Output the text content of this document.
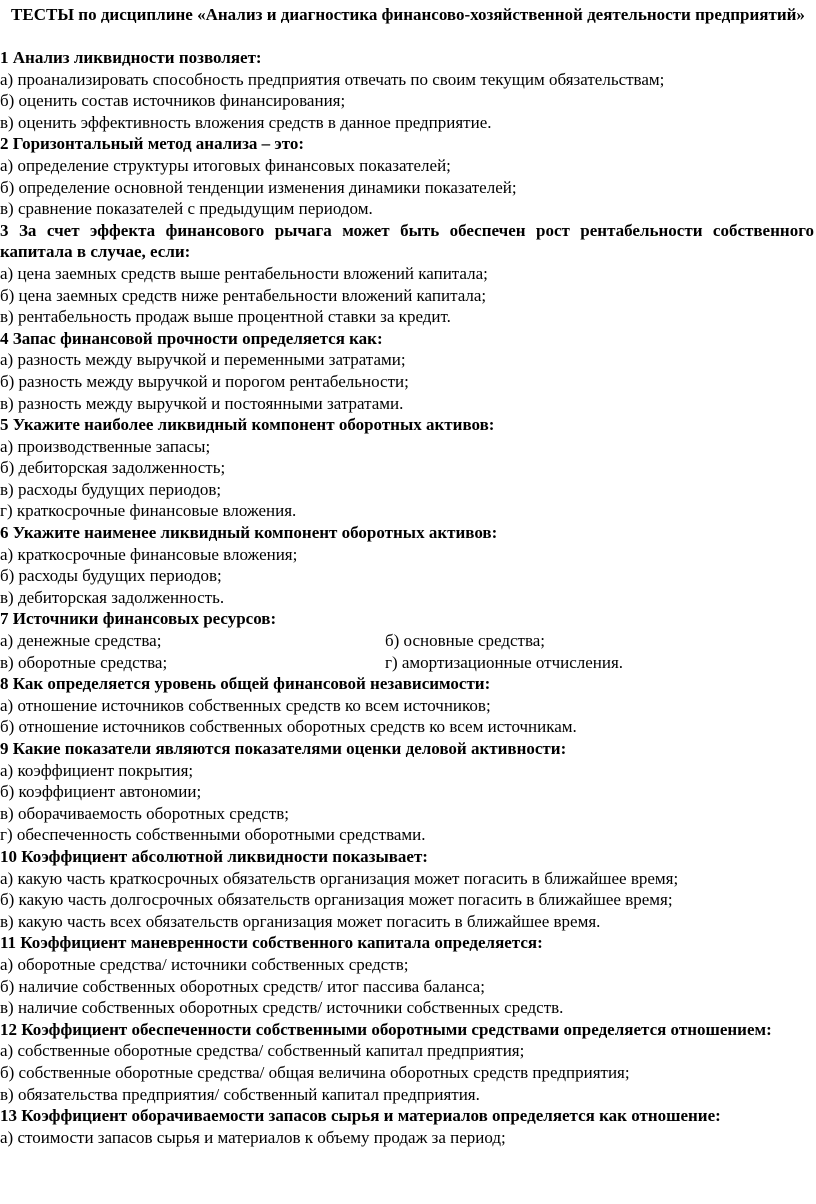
ТЕСТЫ по дисциплине «Анализ и диагностика финансово-хозяйственной деятельности предприятий»

1 Анализ ликвидности позволяет:

а) проанализировать способность предприятия отвечать по своим текущим обязательствам;

б) оценить состав источников финансирования;

в) оценить эффективность вложения средств в данное предприятие.

2 Горизонтальный метод анализа – это:

а) определение структуры итоговых финансовых показателей;

б) определение основной тенденции изменения динамики показателей;

в) сравнение показателей с предыдущим периодом.

3 За счет эффекта финансового рычага может быть обеспечен рост рентабельности собственного капитала в случае, если:

а) цена заемных средств выше рентабельности вложений капитала;

б) цена заемных средств ниже рентабельности вложений капитала;

в) рентабельность продаж выше процентной ставки за кредит.

4 Запас финансовой прочности определяется как:

а) разность между выручкой и переменными затратами;

б) разность между выручкой и порогом рентабельности;

в) разность между выручкой и постоянными затратами.

5 Укажите наиболее ликвидный компонент оборотных активов:

а) производственные запасы;

б) дебиторская задолженность;

в) расходы будущих периодов;

г) краткосрочные финансовые вложения.

6 Укажите наименее ликвидный компонент оборотных активов:

а) краткосрочные финансовые вложения;

б) расходы будущих периодов;

в) дебиторская задолженность.

7 Источники финансовых ресурсов:

а) денежные средства;	б) основные средства;
в) оборотные средства;	г) амортизационные отчисления.

8 Как определяется уровень общей финансовой независимости:

а) отношение источников собственных средств ко всем источников;

б) отношение источников собственных оборотных средств ко всем источникам.

9 Какие показатели являются показателями оценки деловой активности:

а) коэффициент покрытия;

б) коэффициент автономии;

в) оборачиваемость оборотных средств;

г) обеспеченность собственными оборотными средствами.

10 Коэффициент абсолютной ликвидности показывает:

а) какую часть краткосрочных обязательств организация может погасить в ближайшее время;

б) какую часть долгосрочных обязательств организация может погасить в ближайшее время;

в) какую часть всех обязательств организация может погасить в ближайшее время.

11 Коэффициент маневренности собственного капитала определяется:

а) оборотные средства/ источники собственных средств;

б) наличие собственных оборотных средств/ итог пассива баланса;

в) наличие собственных оборотных средств/ источники собственных средств.

12 Коэффициент обеспеченности собственными оборотными средствами определяется отношением:

а) собственные оборотные средства/ собственный капитал предприятия;

б) собственные оборотные средства/ общая величина оборотных средств предприятия;

в) обязательства предприятия/ собственный капитал предприятия.

13 Коэффициент оборачиваемости запасов сырья и материалов определяется как отношение:

а) стоимости запасов сырья и материалов к объему продаж за период;
